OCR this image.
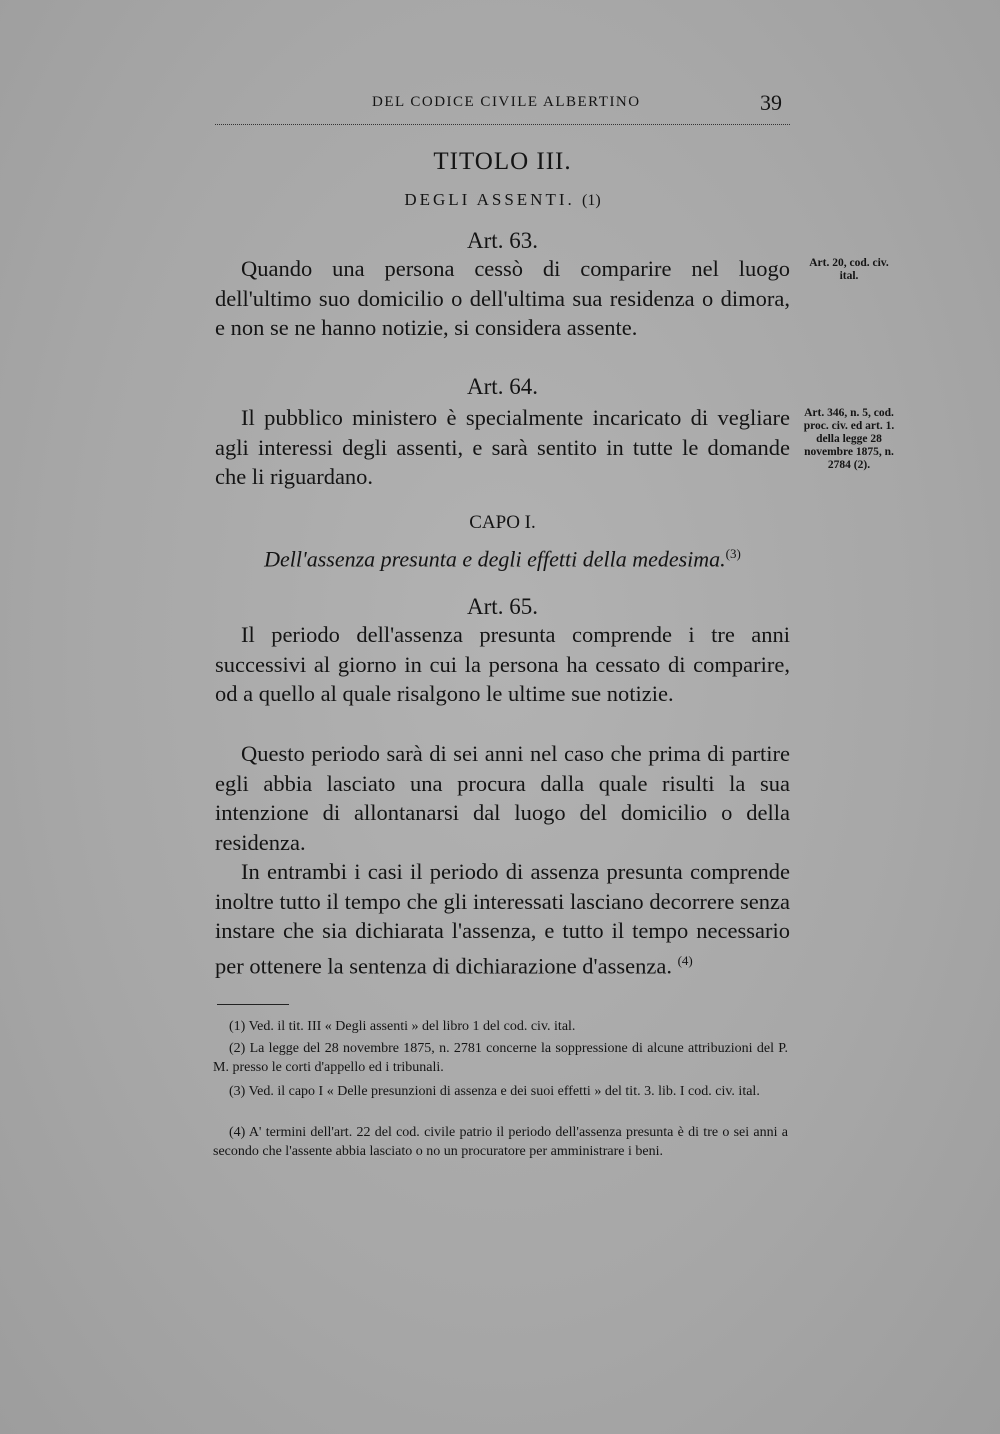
DEL CODICE CIVILE ALBERTINO	39
TITOLO III.
DEGLI ASSENTI. (1)
Art. 63.

Quando una persona cessò di comparire nel luogo dell'ultimo suo domicilio o dell'ultima sua residenza o dimora, e non se ne hanno notizie, si considera assente.

Art. 20, cod. civ. ital.
Art. 64.

Il pubblico ministero è specialmente incaricato di vegliare agli interessi degli assenti, e sarà sentito in tutte le domande che li riguardano.

Art. 346, n. 5, cod. proc. civ. ed art. 1. della legge 28 novembre 1875, n. 2784 (2).
CAPO I.
Dell'assenza presunta e degli effetti della medesima.$^{(3)}$
Art. 65.

Il periodo dell'assenza presunta comprende i tre anni successivi al giorno in cui la persona ha cessato di comparire, od a quello al quale risalgono le ultime sue notizie.

Questo periodo sarà di sei anni nel caso che prima di partire egli abbia lasciato una procura dalla quale risulti la sua intenzione di allontanarsi dal luogo del domicilio o della residenza.

In entrambi i casi il periodo di assenza presunta comprende inoltre tutto il tempo che gli interessati lasciano decorrere senza instare che sia dichiarata l'assenza, e tutto il tempo necessario per ottenere la sentenza di dichiarazione d'assenza. $^{(4)}$

(1) Ved. il tit. III « Degli assenti » del libro 1 del cod. civ. ital.

(2) La legge del 28 novembre 1875, n. 2781 concerne la soppressione di alcune attribuzioni del P. M. presso le corti d'appello ed i tribunali.

(3) Ved. il capo I « Delle presunzioni di assenza e dei suoi effetti » del tit. 3. lib. I cod. civ. ital.

(4) A' termini dell'art. 22 del cod. civile patrio il periodo dell'assenza presunta è di tre o sei anni a secondo che l'assente abbia lasciato o no un procuratore per amministrare i beni.
